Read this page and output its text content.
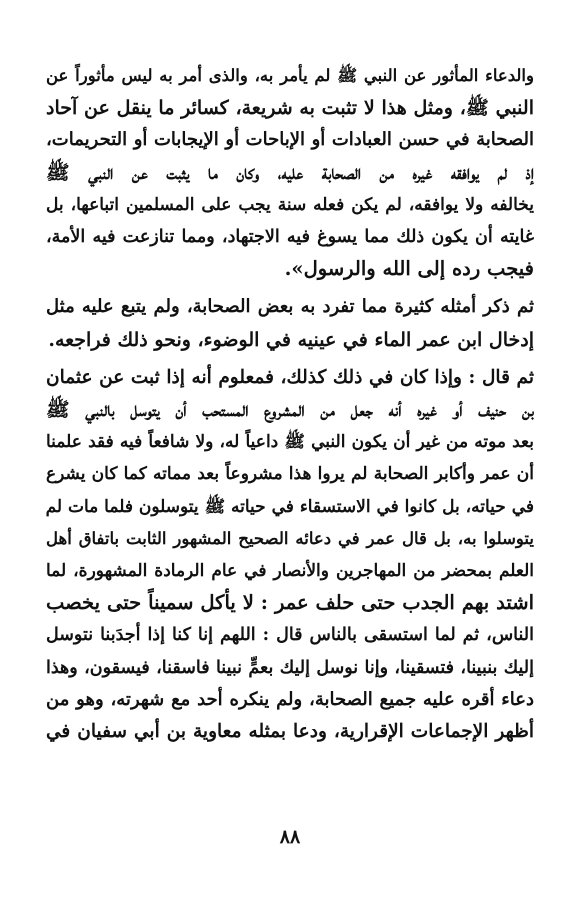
والدعاء المأثور عن النبي ﷺ لم يأمر به، والذى أمر به ليس مأثوراً عن
النبي ﷺ، ومثل هذا لا تثبت به شريعة، كسائر ما ينقل عن آحاد
الصحابة في حسن العبادات أو الإباحات أو الإيجابات أو التحريمات،
إذ لم يوافقه غيره من الصحابة عليه، وكان ما يثبت عن النبي ﷺ
يخالفه ولا يوافقه، لم يكن فعله سنة يجب على المسلمين اتباعها، بل
غايته أن يكون ذلك مما يسوغ فيه الاجتهاد، ومما تنازعت فيه الأمة،
فيجب رده إلى الله والرسول».

ثم ذكر أمثله كثيرة مما تفرد به بعض الصحابة، ولم يتبع عليه مثل
إدخال ابن عمر الماء في عينيه في الوضوء، ونحو ذلك فراجعه.

ثم قال : وإذا كان في ذلك كذلك، فمعلوم أنه إذا ثبت عن عثمان
بن حنيف أو غيره أنه جعل من المشروع المستحب أن يتوسل بالنبي ﷺ
بعد موته من غير أن يكون النبي ﷺ داعياً له، ولا شافعاً فيه فقد علمنا
أن عمر وأكابر الصحابة لم يروا هذا مشروعاً بعد مماته كما كان يشرع
في حياته، بل كانوا في الاستسقاء في حياته ﷺ يتوسلون فلما مات لم
يتوسلوا به، بل قال عمر في دعائه الصحيح المشهور الثابت باتفاق أهل
العلم بمحضر من المهاجرين والأنصار في عام الرمادة المشهورة، لما
اشتد بهم الجدب حتى حلف عمر : لا يأكل سميناً حتى يخصب
الناس، ثم لما استسقى بالناس قال : اللهم إنا كنا إذا أجدَبنا نتوسل
إليك بنبينا، فتسقينا، وإنا نوسل إليك بعمٍّ نبينا فاسقنا، فيسقون، وهذا
دعاء أقره عليه جميع الصحابة، ولم ينكره أحد مع شهرته، وهو من
أظهر الإجماعات الإقرارية، ودعا بمثله معاوية بن أبي سفيان في

٨٨
